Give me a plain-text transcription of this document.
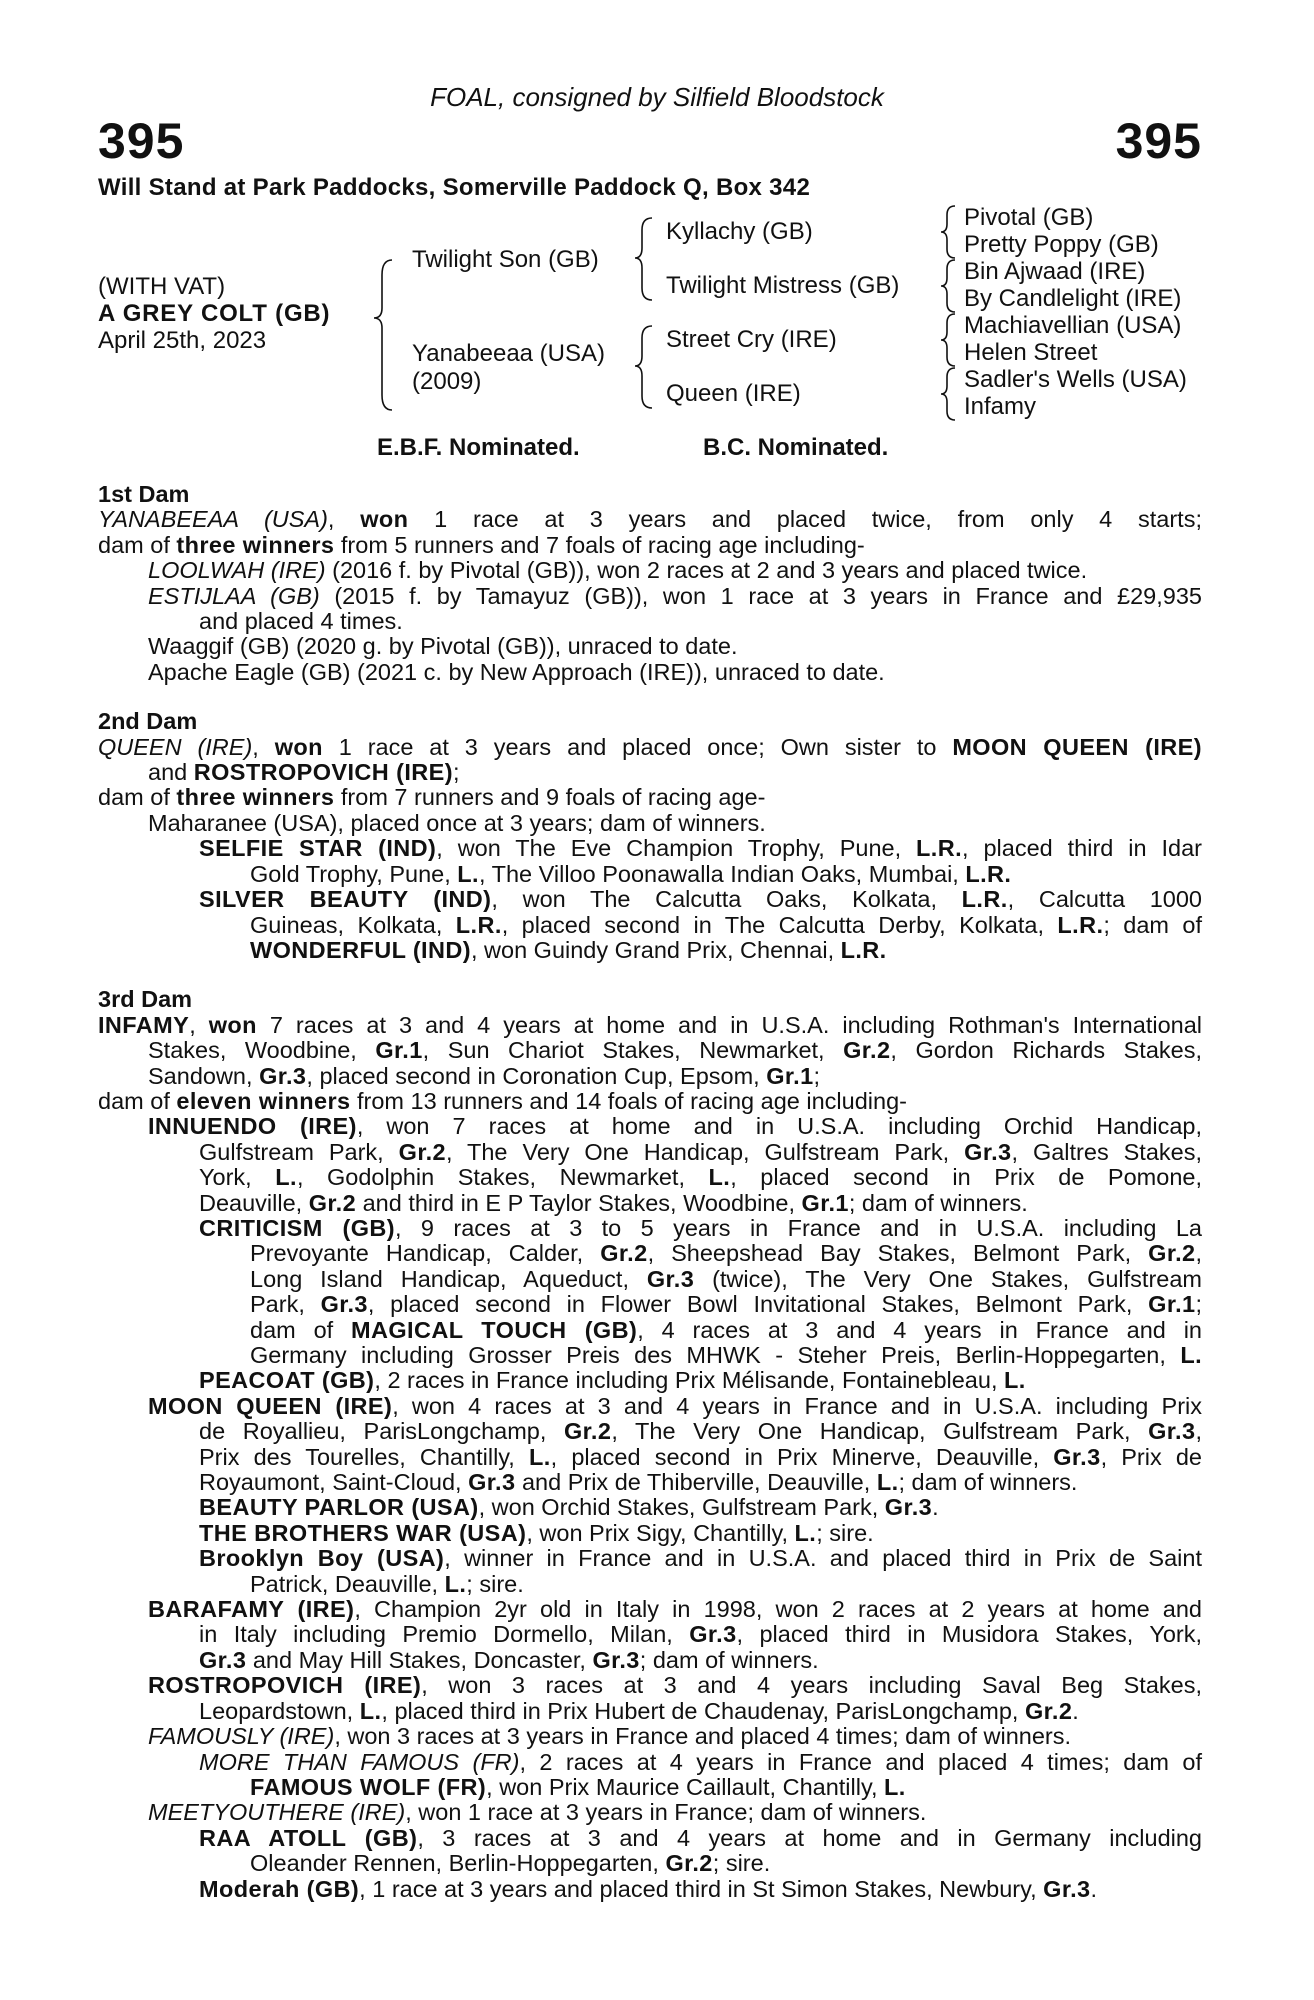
FOAL, consigned by Silfield Bloodstock
395	395
Will Stand at Park Paddocks, Somerville Paddock Q, Box 342
(WITH VAT)
A GREY COLT (GB)
April 25th, 2023
Twilight Son (GB)
Yanabeeaa (USA)
(2009)
Kyllachy (GB)
Twilight Mistress (GB)
Street Cry (IRE)
Queen (IRE)
Pivotal (GB)
Pretty Poppy (GB)
Bin Ajwaad (IRE)
By Candlelight (IRE)
Machiavellian (USA)
Helen Street
Sadler's Wells (USA)
Infamy
E.B.F. Nominated.	B.C. Nominated.
1st Dam
YANABEEAA (USA), won 1 race at 3 years and placed twice, from only 4 starts;
dam of three winners from 5 runners and 7 foals of racing age including-
LOOLWAH (IRE) (2016 f. by Pivotal (GB)), won 2 races at 2 and 3 years and placed twice.
ESTIJLAA (GB) (2015 f. by Tamayuz (GB)), won 1 race at 3 years in France and £29,935
and placed 4 times.
Waaggif (GB) (2020 g. by Pivotal (GB)), unraced to date.
Apache Eagle (GB) (2021 c. by New Approach (IRE)), unraced to date.
2nd Dam
QUEEN (IRE), won 1 race at 3 years and placed once; Own sister to MOON QUEEN (IRE)
and ROSTROPOVICH (IRE);
dam of three winners from 7 runners and 9 foals of racing age-
Maharanee (USA), placed once at 3 years; dam of winners.
SELFIE STAR (IND), won The Eve Champion Trophy, Pune, L.R., placed third in Idar
Gold Trophy, Pune, L., The Villoo Poonawalla Indian Oaks, Mumbai, L.R.
SILVER BEAUTY (IND), won The Calcutta Oaks, Kolkata, L.R., Calcutta 1000
Guineas, Kolkata, L.R., placed second in The Calcutta Derby, Kolkata, L.R.; dam of
WONDERFUL (IND), won Guindy Grand Prix, Chennai, L.R.
3rd Dam
INFAMY, won 7 races at 3 and 4 years at home and in U.S.A. including Rothman's International
Stakes, Woodbine, Gr.1, Sun Chariot Stakes, Newmarket, Gr.2, Gordon Richards Stakes,
Sandown, Gr.3, placed second in Coronation Cup, Epsom, Gr.1;
dam of eleven winners from 13 runners and 14 foals of racing age including-
INNUENDO (IRE), won 7 races at home and in U.S.A. including Orchid Handicap,
Gulfstream Park, Gr.2, The Very One Handicap, Gulfstream Park, Gr.3, Galtres Stakes,
York, L., Godolphin Stakes, Newmarket, L., placed second in Prix de Pomone,
Deauville, Gr.2 and third in E P Taylor Stakes, Woodbine, Gr.1; dam of winners.
CRITICISM (GB), 9 races at 3 to 5 years in France and in U.S.A. including La
Prevoyante Handicap, Calder, Gr.2, Sheepshead Bay Stakes, Belmont Park, Gr.2,
Long Island Handicap, Aqueduct, Gr.3 (twice), The Very One Stakes, Gulfstream
Park, Gr.3, placed second in Flower Bowl Invitational Stakes, Belmont Park, Gr.1;
dam of MAGICAL TOUCH (GB), 4 races at 3 and 4 years in France and in
Germany including Grosser Preis des MHWK - Steher Preis, Berlin-Hoppegarten, L.
PEACOAT (GB), 2 races in France including Prix Mélisande, Fontainebleau, L.
MOON QUEEN (IRE), won 4 races at 3 and 4 years in France and in U.S.A. including Prix
de Royallieu, ParisLongchamp, Gr.2, The Very One Handicap, Gulfstream Park, Gr.3,
Prix des Tourelles, Chantilly, L., placed second in Prix Minerve, Deauville, Gr.3, Prix de
Royaumont, Saint-Cloud, Gr.3 and Prix de Thiberville, Deauville, L.; dam of winners.
BEAUTY PARLOR (USA), won Orchid Stakes, Gulfstream Park, Gr.3.
THE BROTHERS WAR (USA), won Prix Sigy, Chantilly, L.; sire.
Brooklyn Boy (USA), winner in France and in U.S.A. and placed third in Prix de Saint
Patrick, Deauville, L.; sire.
BARAFAMY (IRE), Champion 2yr old in Italy in 1998, won 2 races at 2 years at home and
in Italy including Premio Dormello, Milan, Gr.3, placed third in Musidora Stakes, York,
Gr.3 and May Hill Stakes, Doncaster, Gr.3; dam of winners.
ROSTROPOVICH (IRE), won 3 races at 3 and 4 years including Saval Beg Stakes,
Leopardstown, L., placed third in Prix Hubert de Chaudenay, ParisLongchamp, Gr.2.
FAMOUSLY (IRE), won 3 races at 3 years in France and placed 4 times; dam of winners.
MORE THAN FAMOUS (FR), 2 races at 4 years in France and placed 4 times; dam of
FAMOUS WOLF (FR), won Prix Maurice Caillault, Chantilly, L.
MEETYOUTHERE (IRE), won 1 race at 3 years in France; dam of winners.
RAA ATOLL (GB), 3 races at 3 and 4 years at home and in Germany including
Oleander Rennen, Berlin-Hoppegarten, Gr.2; sire.
Moderah (GB), 1 race at 3 years and placed third in St Simon Stakes, Newbury, Gr.3.
